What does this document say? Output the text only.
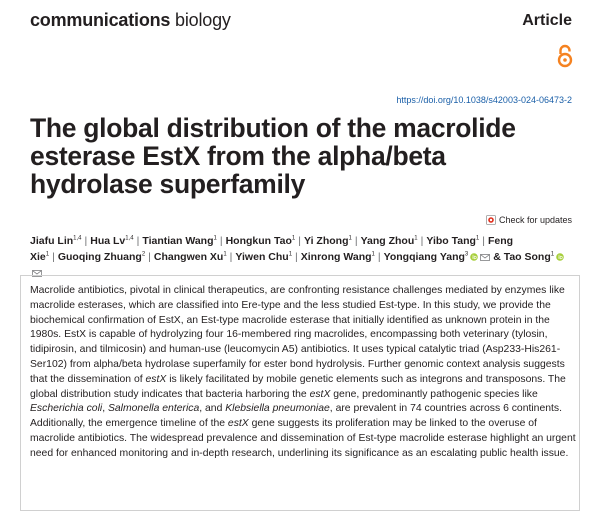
communications biology	Article
https://doi.org/10.1038/s42003-024-06473-2
The global distribution of the macrolide esterase EstX from the alpha/beta hydrolase superfamily
Check for updates
Jiafu Lin$^{1,4}$ | Hua Lv$^{1,4}$ | Tiantian Wang$^1$ | Hongkun Tao$^1$ | Yi Zhong$^1$ | Yang Zhou$^1$ | Yibo Tang$^1$ | Feng Xie$^1$ | Guoqing Zhuang$^2$ | Changwen Xu$^1$ | Yiwen Chu$^1$ | Xinrong Wang$^1$ | Yongqiang Yang$^3$ & Tao Song$^1$

Macrolide antibiotics, pivotal in clinical therapeutics, are confronting resistance challenges mediated by enzymes like macrolide esterases, which are classified into Ere-type and the less studied Est-type. In this study, we provide the biochemical confirmation of EstX, an Est-type macrolide esterase that initially identified as unknown protein in the 1980s. EstX is capable of hydrolyzing four 16-membered ring macrolides, encompassing both veterinary (tylosin, tidipirosin, and tilmicosin) and human-use (leucomycin A5) antibiotics. It uses typical catalytic triad (Asp233-His261-Ser102) from alpha/beta hydrolase superfamily for ester bond hydrolysis. Further genomic context analysis suggests that the dissemination of estX is likely facilitated by mobile genetic elements such as integrons and transposons. The global distribution study indicates that bacteria harboring the estX gene, predominantly pathogenic species like Escherichia coli, Salmonella enterica, and Klebsiella pneumoniae, are prevalent in 74 countries across 6 continents. Additionally, the emergence timeline of the estX gene suggests its proliferation may be linked to the overuse of macrolide antibiotics. The widespread prevalence and dissemination of Est-type macrolide esterase highlight an urgent need for enhanced monitoring and in-depth research, underlining its significance as an escalating public health issue.
